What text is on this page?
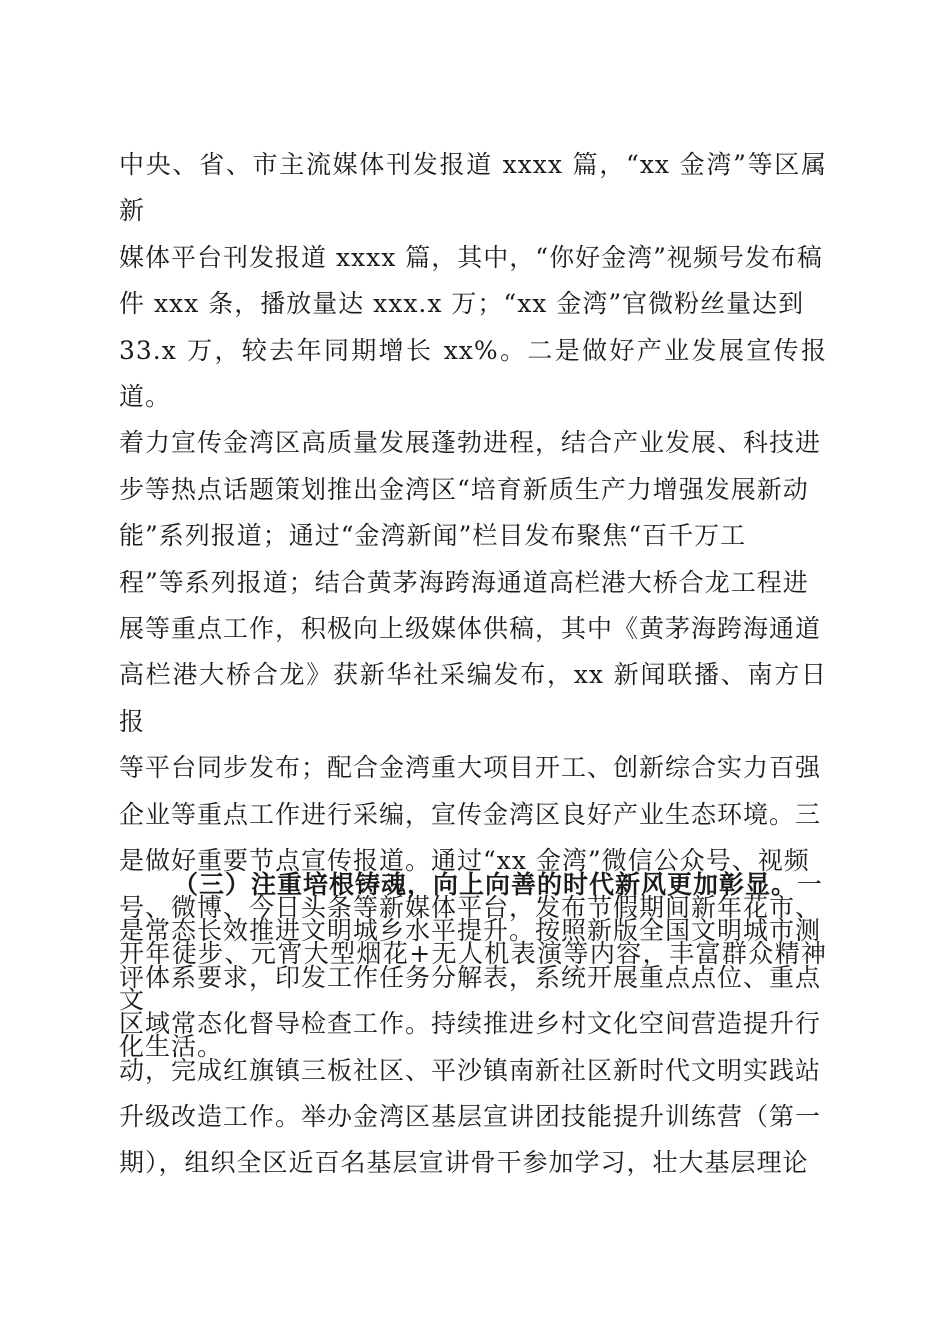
中央、省、市主流媒体刊发报道 xxxx 篇，“xx 金湾”等区属新

媒体平台刊发报道 xxxx 篇，其中，“你好金湾”视频号发布稿

件 xxx 条，播放量达 xxx.x 万；“xx 金湾”官微粉丝量达到

33.x 万，较去年同期增长 xx%。二是做好产业发展宣传报道。

着力宣传金湾区高质量发展蓬勃进程，结合产业发展、科技进

步等热点话题策划推出金湾区“培育新质生产力增强发展新动

能”系列报道；通过“金湾新闻”栏目发布聚焦“百千万工

程”等系列报道；结合黄茅海跨海通道高栏港大桥合龙工程进

展等重点工作，积极向上级媒体供稿，其中《黄茅海跨海通道

高栏港大桥合龙》获新华社采编发布，xx 新闻联播、南方日报

等平台同步发布；配合金湾重大项目开工、创新综合实力百强

企业等重点工作进行采编，宣传金湾区良好产业生态环境。三

是做好重要节点宣传报道。通过“xx 金湾”微信公众号、视频

号、微博、今日头条等新媒体平台，发布节假期间新年花市、

开年徒步、元宵大型烟花+无人机表演等内容，丰富群众精神文

化生活。

（三）注重培根铸魂，向上向善的时代新风更加彰显。一

是常态长效推进文明城乡水平提升。按照新版全国文明城市测

评体系要求，印发工作任务分解表，系统开展重点点位、重点

区域常态化督导检查工作。持续推进乡村文化空间营造提升行

动，完成红旗镇三板社区、平沙镇南新社区新时代文明实践站

升级改造工作。举办金湾区基层宣讲团技能提升训练营（第一

期），组织全区近百名基层宣讲骨干参加学习，壮大基层理论
